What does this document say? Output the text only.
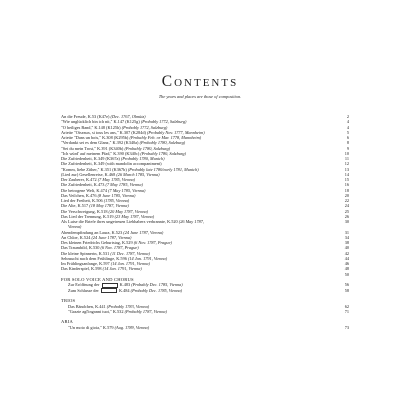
Contents

The years and places are those of composition.

An die Freude, K.53 (K47e) (Dec. 1767, Olmütz)	2
"Wie unglücklich bin ich nit," K.147 (K125g) (Probably 1772, Salzburg)	4
"O heiliges Band," K.148 (K125h) (Probably 1772, Salzburg)	4
Ariette "Oiseaux, si tous les ans," K.307 (K284d) (Probably Nov. 1777, Mannheim)	5
Ariette "Dans un bois," K.308 (K295b) (Probably Feb. or Mar. 1778, Mannheim)	6
"Verdankt sei es dem Glanz," K.392 (K340a) (Probably 1780, Salzburg)	8
"Sei du mein Trost," K.391 (K340b) (Probably 1780, Salzburg)	9
"Ich würd' auf meinem Pfad," K.390 (K340c) (Probably 1780, Salzburg)	10
Die Zufriedenheit, K.349 (K367a) (Probably 1780, Munich)	11
Die Zufriedenheit, K.349 (with mandolin accompaniment)	12
"Komm, liebe Zither," K.351 (K367b) (Probably late 1780/early 1781, Munich)	13
(Lied zur) Gesellenreise, K.468 (26 March 1785, Vienna)	14
Der Zauberer, K.472 (7 May 1785, Vienna)	15
Die Zufriedenheit, K.473 (7 May 1785, Vienna)	16
Die betrogene Welt, K.474 (7 May 1785, Vienna)	18
Das Veilchen, K.476 (8 June 1785, Vienna)	20
Lied der Freiheit, K.506 (1785, Vienna)	22
Die Alte, K.517 (18 May 1787, Vienna)	24
Die Verschweigung, K.518 (20 May 1787, Vienna)	25
Das Lied der Trennung, K.519 (23 May 1787, Vienna)	26
Als Luise die Briefe ihres ungetreuen Liebhabers verbrannte, K.520 (26 May 1787,	30
Vienna)
Abendempfindung an Laura, K.523 (24 June 1787, Vienna)	31
An Chloe, K.524 (24 June 1787, Vienna)	34
Des kleinen Friedrichs Geburtstag, K.529 (6 Nov. 1787, Prague)	38
Das Traumbild, K.530 (6 Nov. 1787, Prague)	40
Die kleine Spinnerin, K.531 (11 Dec. 1787, Vienna)	42
Sehnsucht nach dem Frühlinge, K.596 (14 Jan. 1791, Vienna)	44
Im Frühlingsanfange, K.597 (14 Jan. 1791, Vienna)	46
Das Kinderspiel, K.598 (14 Jan. 1791, Vienna)	48
50
FOR SOLO VOICE AND CHORUS
Zur Eröffnung der	K.483 (Probably Dec. 1785, Vienna)	56
Zum Schlusse der	K.484 (Probably Dec. 1785, Vienna)	58
TRIOS
Das Bändchen, K.441 (Probably 1783, Vienna)	62
"Grazie agl'inganni tuoi," K.532 (Probably 1787, Vienna)	71
ARIA
"Un moto di gioia," K.579 (Aug. 1789, Vienna)	73
